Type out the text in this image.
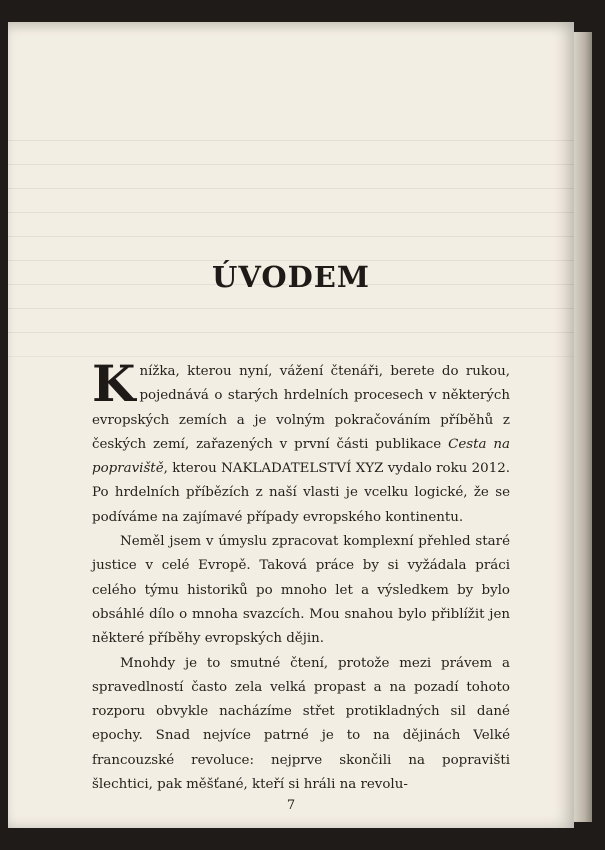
ÚVODEM

Knížka, kterou nyní, vážení čtenáři, berete do rukou, pojednává o starých hrdelních procesech v některých evropských zemích a je volným pokračováním příběhů z českých zemí, zařazených v první části publikace Cesta na popraviště, kterou NAKLADATELSTVÍ XYZ vydalo roku 2012. Po hrdelních příbězích z naší vlasti je vcelku logické, že se podíváme na zajímavé případy evropského kontinentu.

Neměl jsem v úmyslu zpracovat komplexní přehled staré justice v celé Evropě. Taková práce by si vyžádala práci celého týmu historiků po mnoho let a výsledkem by bylo obsáhlé dílo o mnoha svazcích. Mou snahou bylo přiblížit jen některé příběhy evropských dějin.

Mnohdy je to smutné čtení, protože mezi právem a spravedlností často zela velká propast a na pozadí tohoto rozporu obvykle nacházíme střet protikladných sil dané epochy. Snad nejvíce patrné je to na dějinách Velké francouzské revoluce: nejprve skončili na popravišti šlechtici, pak měšťané, kteří si hráli na revolu-

7
